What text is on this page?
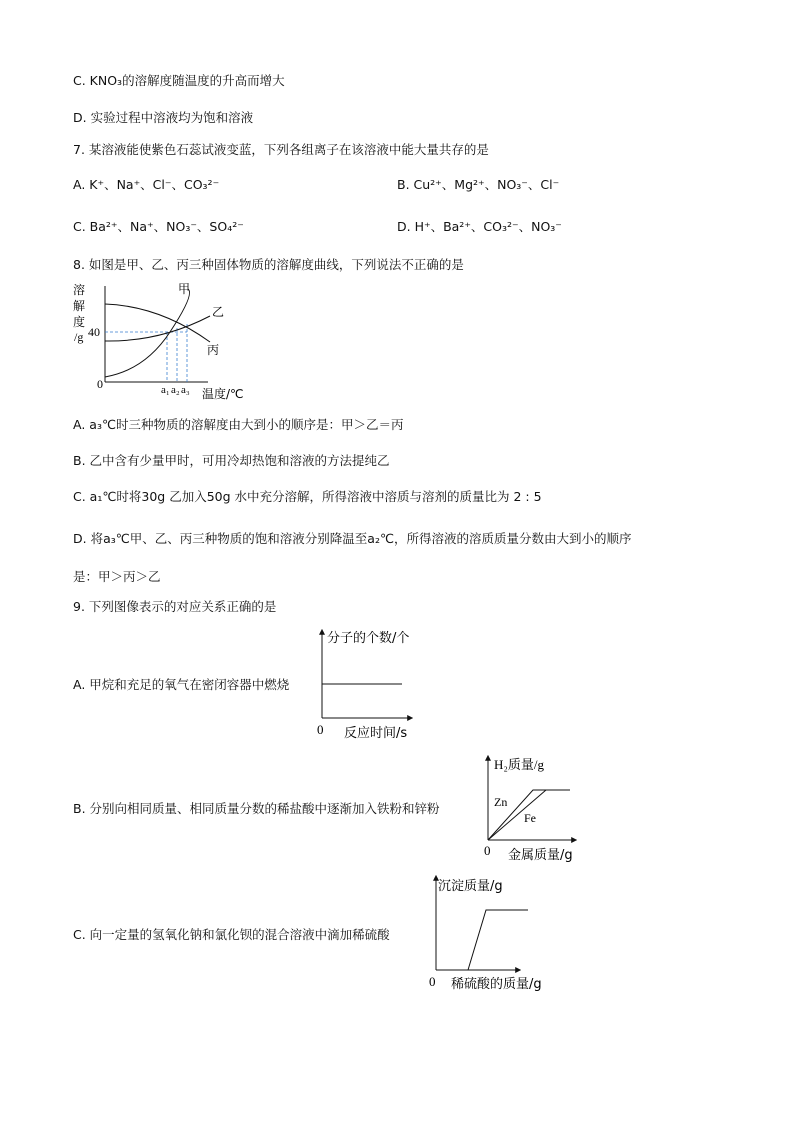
C. KNO₃的溶解度随温度的升高而增大
D. 实验过程中溶液均为饱和溶液
7. 某溶液能使紫色石蕊试液变蓝，下列各组离子在该溶液中能大量共存的是
A. K⁺、Na⁺、Cl⁻、CO₃²⁻	B. Cu²⁺、Mg²⁺、NO₃⁻、Cl⁻
C. Ba²⁺、Na⁺、NO₃⁻、SO₄²⁻	D. H⁺、Ba²⁺、CO₃²⁻、NO₃⁻
8. 如图是甲、乙、丙三种固体物质的溶解度曲线，下列说法不正确的是
溶
解
度
/g 40
0
甲
乙
丙
a₁ a₂ a₃ 温度/℃
A. a₃℃时三种物质的溶解度由大到小的顺序是：甲＞乙＝丙
B. 乙中含有少量甲时，可用冷却热饱和溶液的方法提纯乙
C. a₁℃时将30g 乙加入50g 水中充分溶解，所得溶液中溶质与溶剂的质量比为 2 : 5
D. 将a₃℃甲、乙、丙三种物质的饱和溶液分别降温至a₂℃，所得溶液的溶质质量分数由大到小的顺序
是：甲＞丙＞乙
9. 下列图像表示的对应关系正确的是
A. 甲烷和充足的氧气在密闭容器中燃烧
分子的个数/个
0 反应时间/s
B. 分别向相同质量、相同质量分数的稀盐酸中逐渐加入铁粉和锌粉
H₂质量/g
Zn
Fe
0 金属质量/g
C. 向一定量的氢氧化钠和氯化钡的混合溶液中滴加稀硫酸
沉淀质量/g
0 稀硫酸的质量/g
